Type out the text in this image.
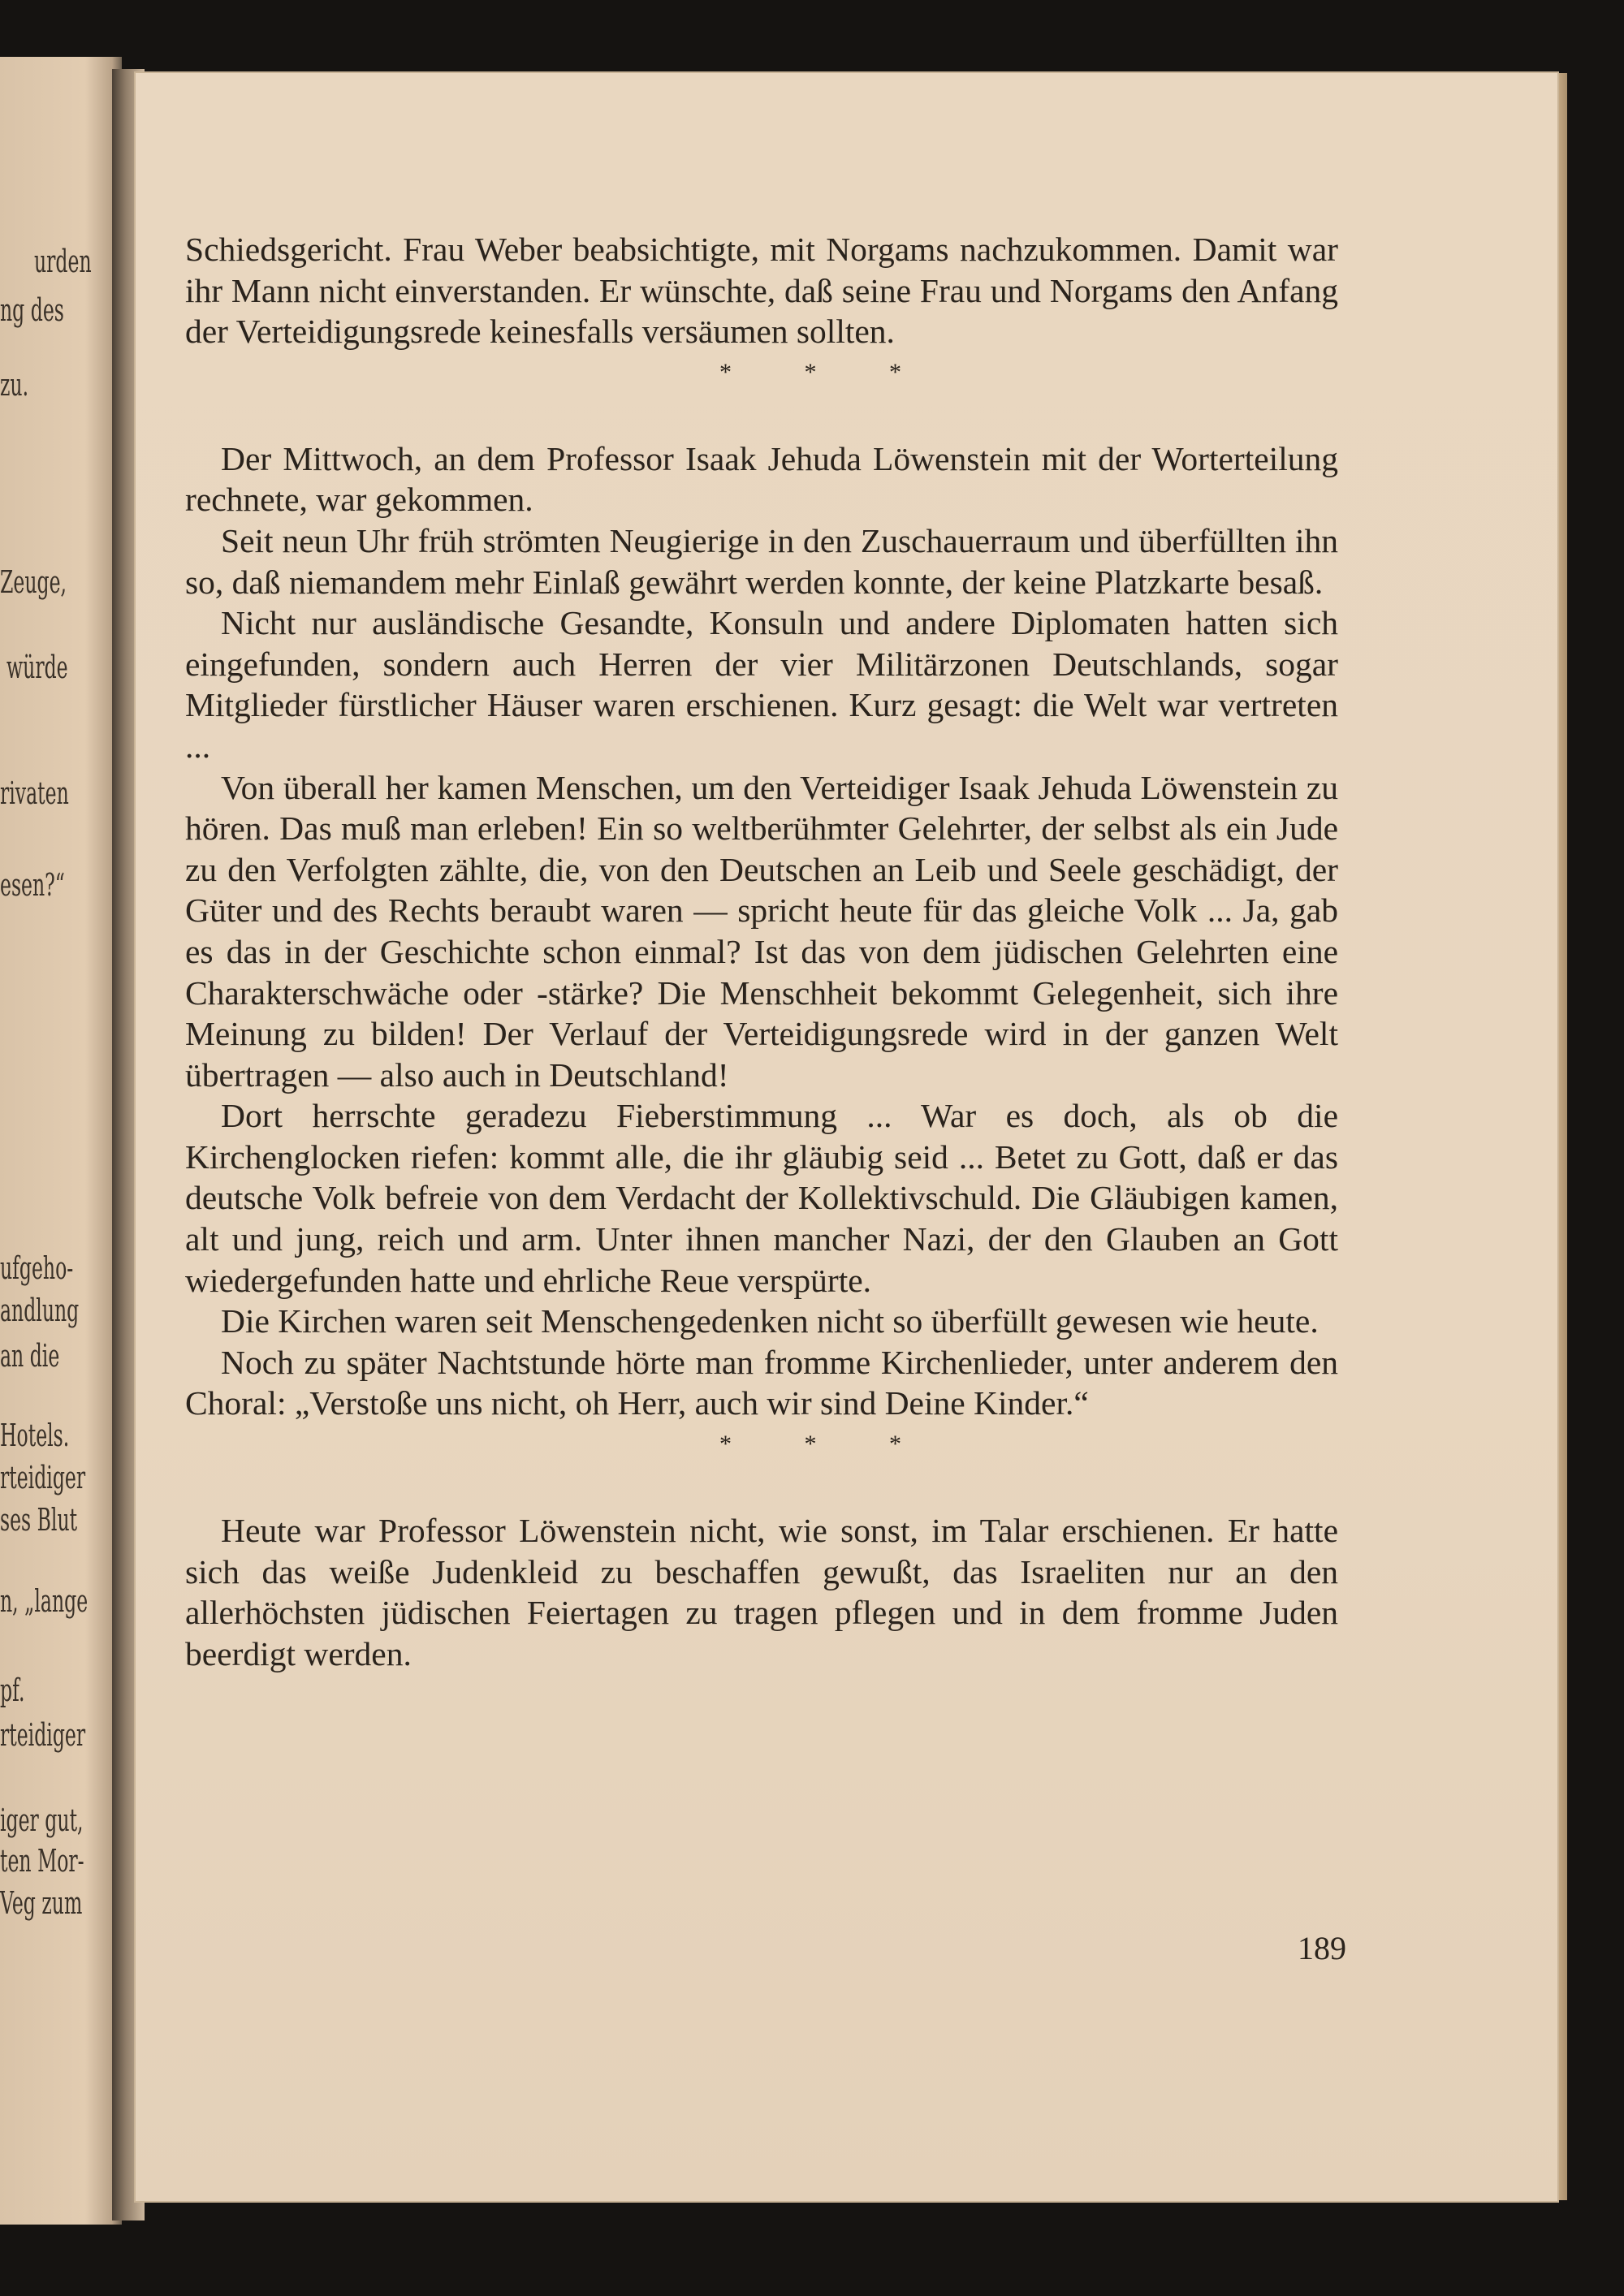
urden
ng des
zu.
Zeuge,
würde
rivaten
esen?“
ufgeho-
andlung
an die
Hotels.
rteidiger
ses Blut
n, „lange
pf.
rteidiger
iger gut,
ten Mor-
Veg zum

Schiedsgericht. Frau Weber beabsichtigte, mit Norgams nachzukommen. Damit war ihr Mann nicht einverstanden. Er wünschte, daß seine Frau und Norgams den Anfang der Verteidigungsrede keinesfalls versäumen sollten.

* * *

Der Mittwoch, an dem Professor Isaak Jehuda Löwenstein mit der Worterteilung rechnete, war gekommen.

Seit neun Uhr früh strömten Neugierige in den Zuschauerraum und überfüllten ihn so, daß niemandem mehr Einlaß gewährt werden konnte, der keine Platzkarte besaß.

Nicht nur ausländische Gesandte, Konsuln und andere Diplomaten hatten sich eingefunden, sondern auch Herren der vier Militärzonen Deutschlands, sogar Mitglieder fürstlicher Häuser waren erschienen. Kurz gesagt: die Welt war vertreten ...

Von überall her kamen Menschen, um den Verteidiger Isaak Jehuda Löwenstein zu hören. Das muß man erleben! Ein so weltberühmter Gelehrter, der selbst als ein Jude zu den Verfolgten zählte, die, von den Deutschen an Leib und Seele geschädigt, der Güter und des Rechts beraubt waren — spricht heute für das gleiche Volk ... Ja, gab es das in der Geschichte schon einmal? Ist das von dem jüdischen Gelehrten eine Charakterschwäche oder -stärke? Die Menschheit bekommt Gelegenheit, sich ihre Meinung zu bilden! Der Verlauf der Verteidigungsrede wird in der ganzen Welt übertragen — also auch in Deutschland!

Dort herrschte geradezu Fieberstimmung ... War es doch, als ob die Kirchenglocken riefen: kommt alle, die ihr gläubig seid ... Betet zu Gott, daß er das deutsche Volk befreie von dem Verdacht der Kollektivschuld. Die Gläubigen kamen, alt und jung, reich und arm. Unter ihnen mancher Nazi, der den Glauben an Gott wiedergefunden hatte und ehrliche Reue verspürte.

Die Kirchen waren seit Menschengedenken nicht so überfüllt gewesen wie heute.

Noch zu später Nachtstunde hörte man fromme Kirchenlieder, unter anderem den Choral: „Verstoße uns nicht, oh Herr, auch wir sind Deine Kinder.“

* * *

Heute war Professor Löwenstein nicht, wie sonst, im Talar erschienen. Er hatte sich das weiße Judenkleid zu beschaffen gewußt, das Israeliten nur an den allerhöchsten jüdischen Feiertagen zu tragen pflegen und in dem fromme Juden beerdigt werden.

189
